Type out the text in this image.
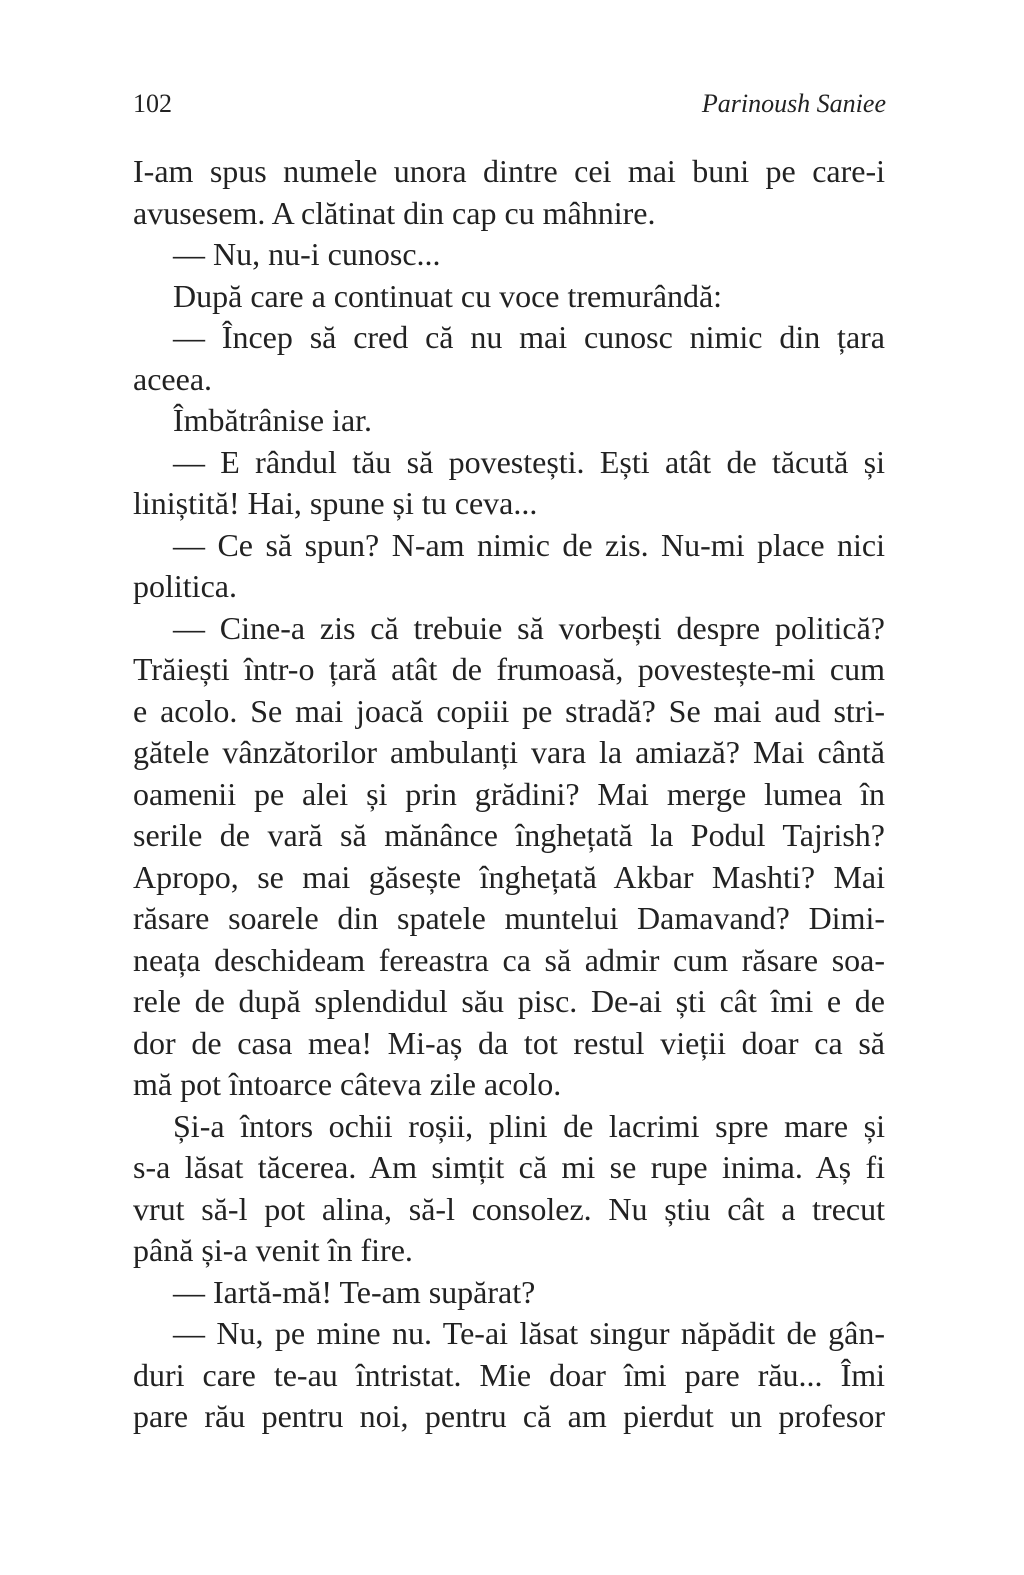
102	Parinoush Saniee
I-am spus numele unora dintre cei mai buni pe care-i
avusesem. A clătinat din cap cu mâhnire.
— Nu, nu-i cunosc...
După care a continuat cu voce tremurândă:
— Încep să cred că nu mai cunosc nimic din țara
aceea.
Îmbătrânise iar.
— E rândul tău să povestești. Ești atât de tăcută și
liniștită! Hai, spune și tu ceva...
— Ce să spun? N-am nimic de zis. Nu-mi place nici
politica.
— Cine-a zis că trebuie să vorbești despre politică?
Trăiești într-o țară atât de frumoasă, povestește-mi cum
e acolo. Se mai joacă copiii pe stradă? Se mai aud stri-
gătele vânzătorilor ambulanți vara la amiază? Mai cântă
oamenii pe alei și prin grădini? Mai merge lumea în
serile de vară să mănânce înghețată la Podul Tajrish?
Apropo, se mai găsește înghețată Akbar Mashti? Mai
răsare soarele din spatele muntelui Damavand? Dimi-
neața deschideam fereastra ca să admir cum răsare soa-
rele de după splendidul său pisc. De-ai ști cât îmi e de
dor de casa mea! Mi-aș da tot restul vieții doar ca să
mă pot întoarce câteva zile acolo.
Și-a întors ochii roșii, plini de lacrimi spre mare și
s-a lăsat tăcerea. Am simțit că mi se rupe inima. Aș fi
vrut să-l pot alina, să-l consolez. Nu știu cât a trecut
până și-a venit în fire.
— Iartă-mă! Te-am supărat?
— Nu, pe mine nu. Te-ai lăsat singur năpădit de gân-
duri care te-au întristat. Mie doar îmi pare rău... Îmi
pare rău pentru noi, pentru că am pierdut un profesor
